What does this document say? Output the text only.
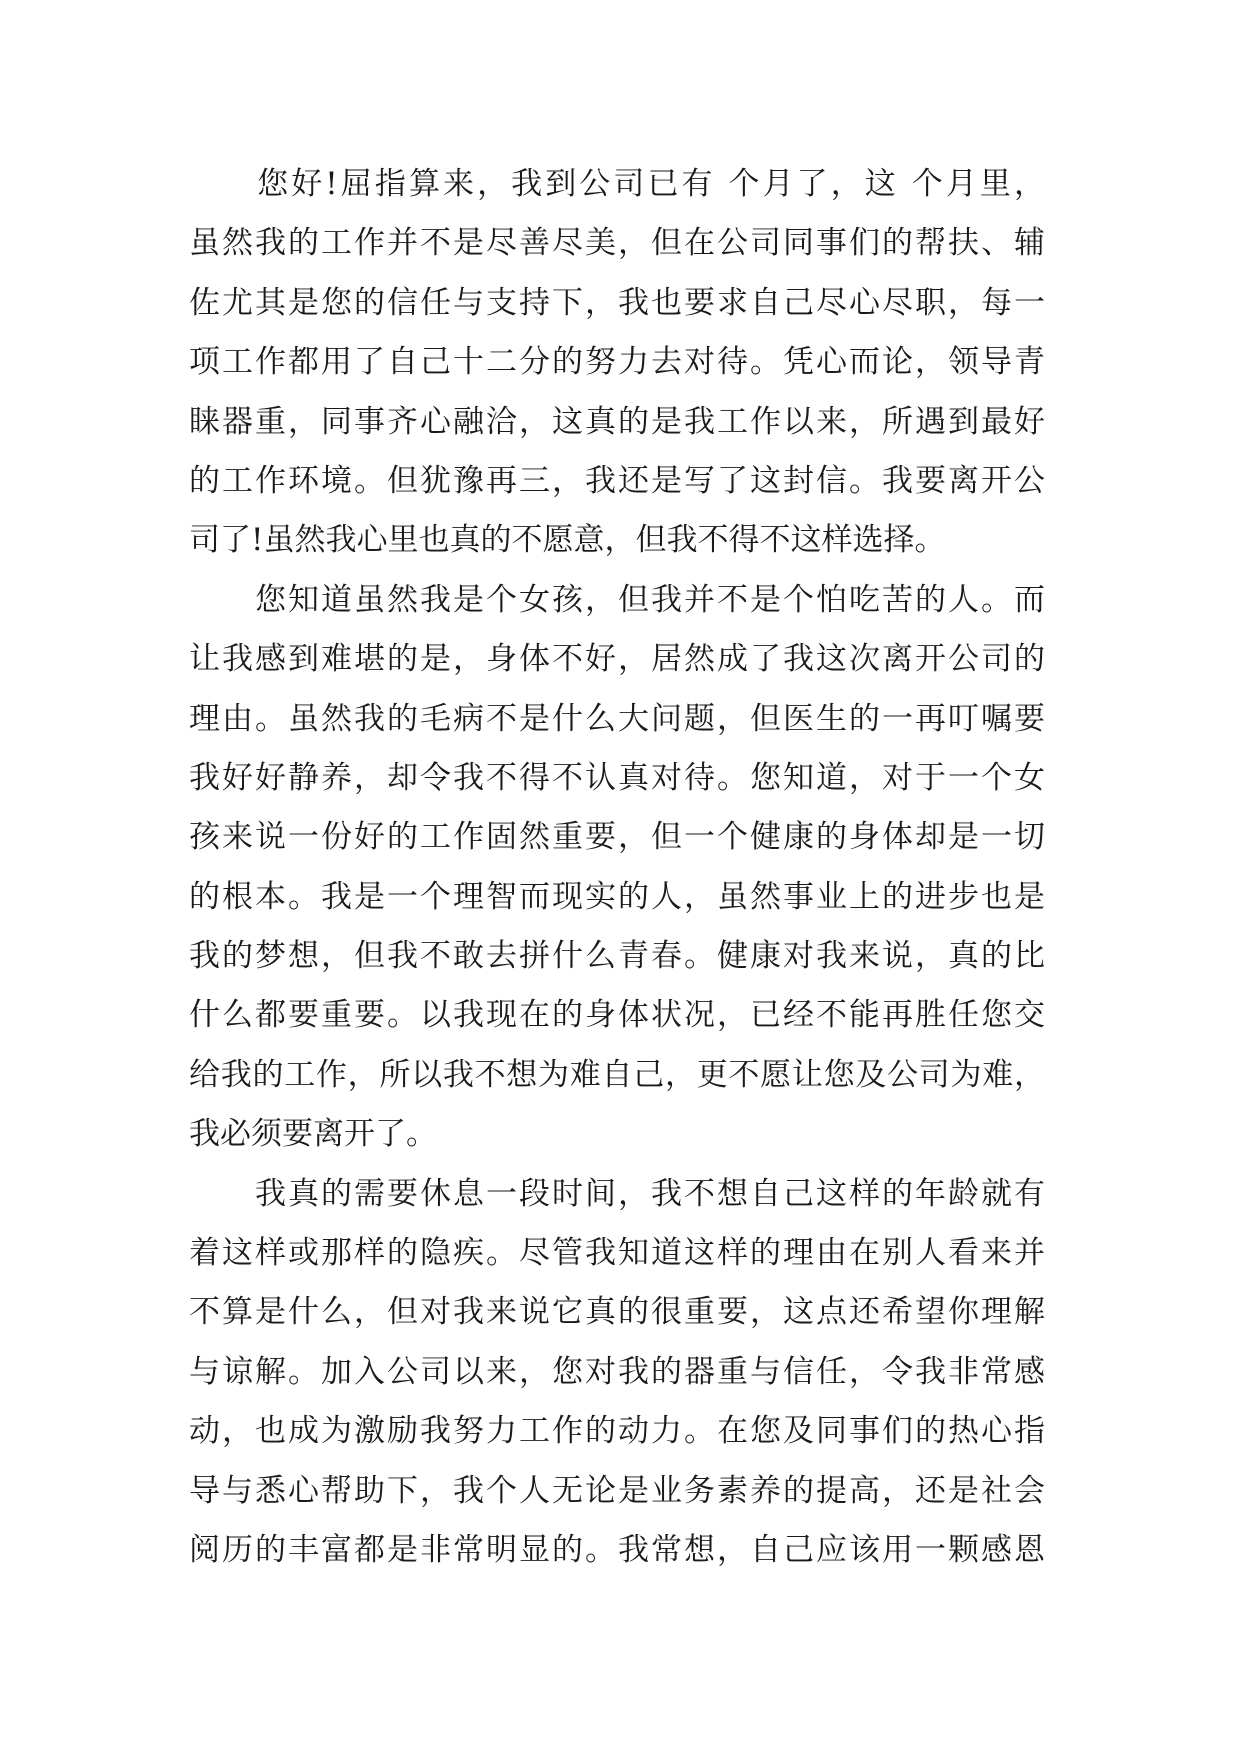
　　您好!屈指算来，我到公司已有 个月了，这 个月里，
虽然我的工作并不是尽善尽美，但在公司同事们的帮扶、辅
佐尤其是您的信任与支持下，我也要求自己尽心尽职，每一
项工作都用了自己十二分的努力去对待。凭心而论，领导青
睐器重，同事齐心融洽，这真的是我工作以来，所遇到最好
的工作环境。但犹豫再三，我还是写了这封信。我要离开公
司了!虽然我心里也真的不愿意，但我不得不这样选择。
　　您知道虽然我是个女孩，但我并不是个怕吃苦的人。而
让我感到难堪的是，身体不好，居然成了我这次离开公司的
理由。虽然我的毛病不是什么大问题，但医生的一再叮嘱要
我好好静养，却令我不得不认真对待。您知道，对于一个女
孩来说一份好的工作固然重要，但一个健康的身体却是一切
的根本。我是一个理智而现实的人，虽然事业上的进步也是
我的梦想，但我不敢去拼什么青春。健康对我来说，真的比
什么都要重要。以我现在的身体状况，已经不能再胜任您交
给我的工作，所以我不想为难自己，更不愿让您及公司为难，
我必须要离开了。
　　我真的需要休息一段时间，我不想自己这样的年龄就有
着这样或那样的隐疾。尽管我知道这样的理由在别人看来并
不算是什么，但对我来说它真的很重要，这点还希望你理解
与谅解。加入公司以来，您对我的器重与信任，令我非常感
动，也成为激励我努力工作的动力。在您及同事们的热心指
导与悉心帮助下，我个人无论是业务素养的提高，还是社会
阅历的丰富都是非常明显的。我常想，自己应该用一颗感恩
